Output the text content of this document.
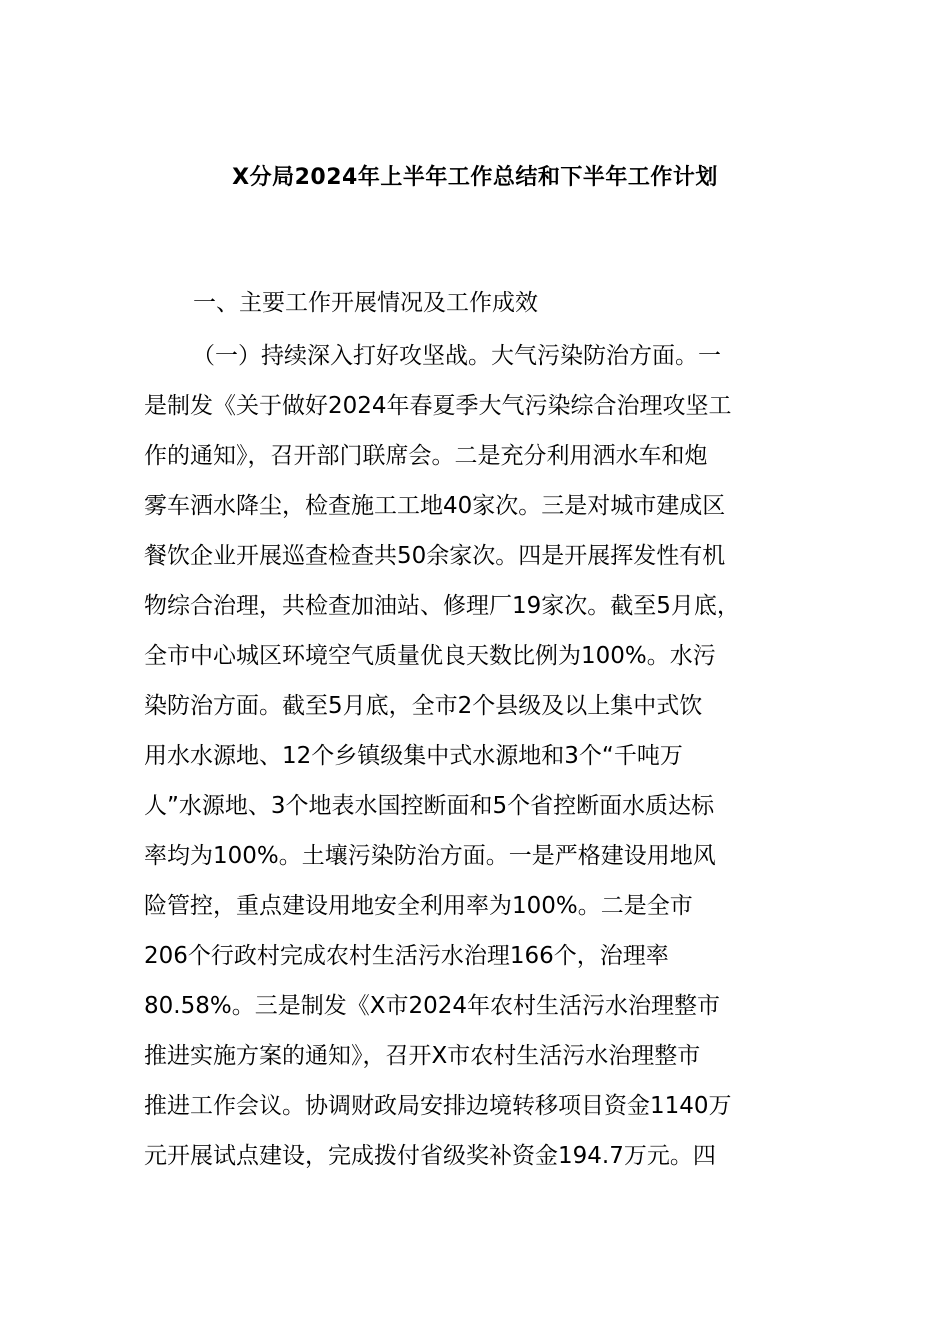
X分局2024年上半年工作总结和下半年工作计划
一、主要工作开展情况及工作成效
（一）持续深入打好攻坚战。大气污染防治方面。一
是制发《关于做好2024年春夏季大气污染综合治理攻坚工
作的通知》，召开部门联席会。二是充分利用洒水车和炮
雾车洒水降尘，检查施工工地40家次。三是对城市建成区
餐饮企业开展巡查检查共50余家次。四是开展挥发性有机
物综合治理，共检查加油站、修理厂19家次。截至5月底，
全市中心城区环境空气质量优良天数比例为100%。水污
染防治方面。截至5月底，全市2个县级及以上集中式饮
用水水源地、12个乡镇级集中式水源地和3个“千吨万
人”水源地、3个地表水国控断面和5个省控断面水质达标
率均为100%。土壤污染防治方面。一是严格建设用地风
险管控，重点建设用地安全利用率为100%。二是全市
206个行政村完成农村生活污水治理166个，治理率
80.58%。三是制发《X市2024年农村生活污水治理整市
推进实施方案的通知》，召开X市农村生活污水治理整市
推进工作会议。协调财政局安排边境转移项目资金1140万
元开展试点建设，完成拨付省级奖补资金194.7万元。四
